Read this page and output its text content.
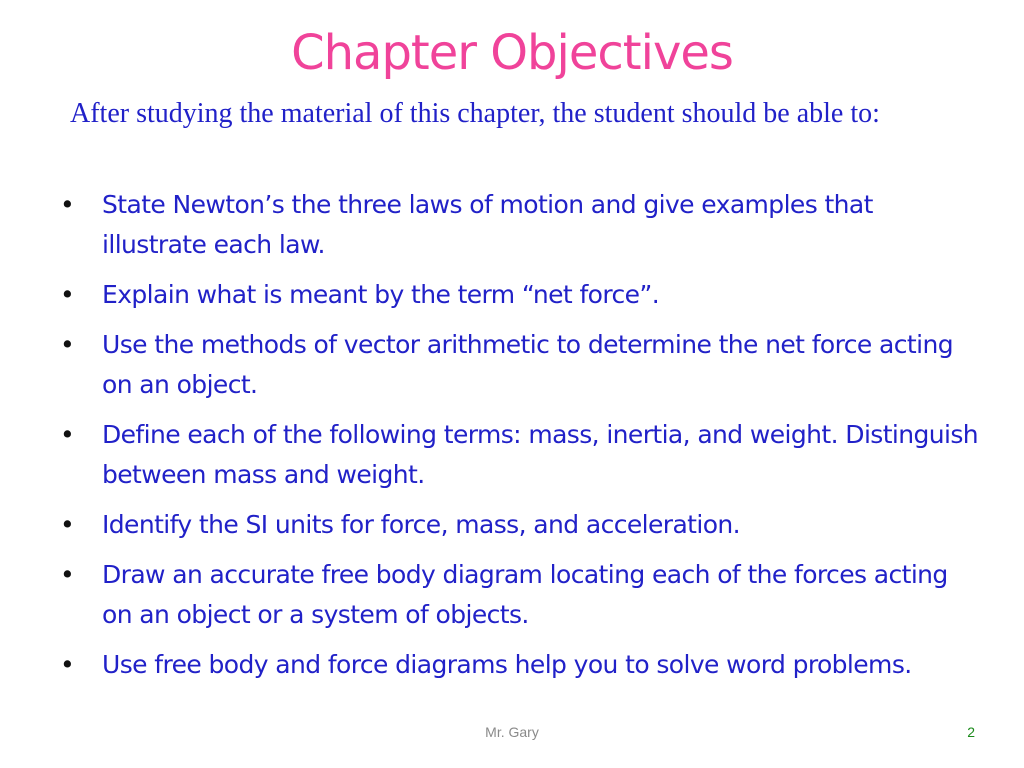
Chapter Objectives
After studying the material of this chapter, the student should be able to:
• State Newton’s the three laws of motion and give examples that illustrate each law.
• Explain what is meant by the term “net force”.
• Use the methods of vector arithmetic to determine the net force acting on an object.
• Define each of the following terms: mass, inertia, and weight. Distinguish between mass and weight.
• Identify the SI units for force, mass, and acceleration.
• Draw an accurate free body diagram locating each of the forces acting on an object or a system of objects.
• Use free body and force diagrams help you to solve word problems.
Mr. Gary	2
